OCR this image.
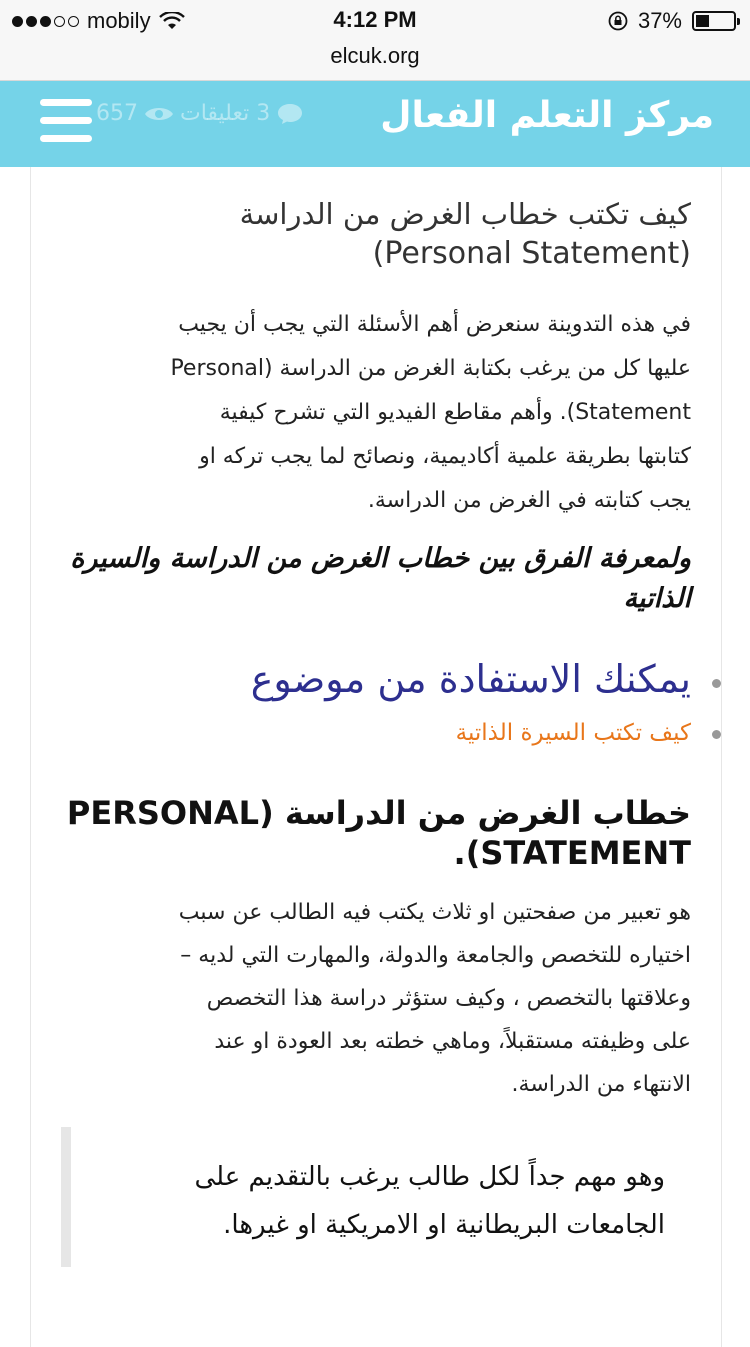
mobily	4:12 PM	37%
elcuk.org
3 تعليقات
657	مركز التعلم الفعال
كيف تكتب خطاب الغرض من الدراسة
(Personal Statement)
في هذه التدوينة سنعرض أهم الأسئلة التي يجب أن يجيب
عليها كل من يرغب بكتابة الغرض من الدراسة (Personal
Statement). وأهم مقاطع الفيديو التي تشرح كيفية
كتابتها بطريقة علمية أكاديمية، ونصائح لما يجب تركه او
يجب كتابته في الغرض من الدراسة.
ولمعرفة الفرق بين خطاب الغرض من الدراسة والسيرة الذاتية
يمكنك الاستفادة من موضوع
كيف تكتب السيرة الذاتية
خطاب الغرض من الدراسة (PERSONAL STATEMENT).
هو تعبير من صفحتين او ثلاث يكتب فيه الطالب عن سبب
اختياره للتخصص والجامعة والدولة، والمهارت التي لديه –
وعلاقتها بالتخصص ، وكيف ستؤثر دراسة هذا التخصص
على وظيفته مستقبلاً، وماهي خطته بعد العودة او عند
الانتهاء من الدراسة.
وهو مهم جداً لكل طالب يرغب بالتقديم على
الجامعات البريطانية او الامريكية او غيرها.
